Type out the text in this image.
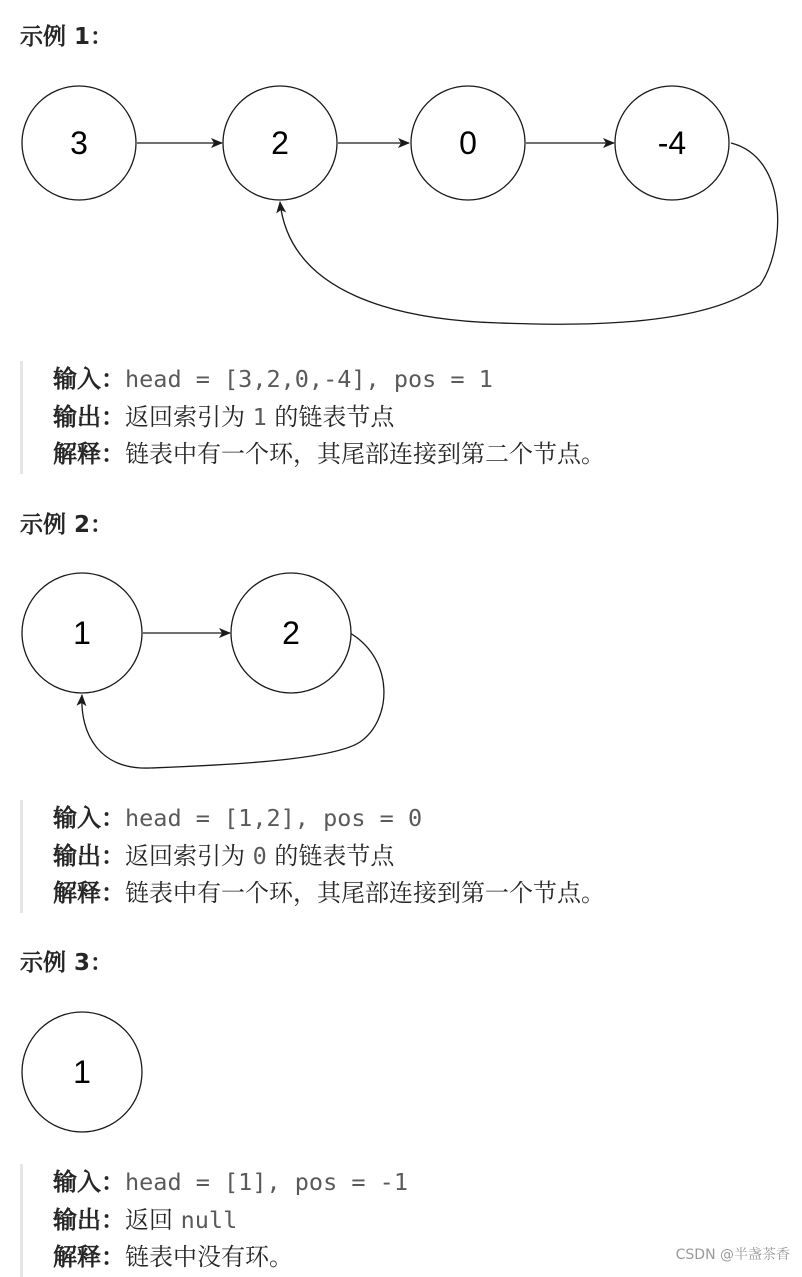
示例 1：
3	2	0	-4
输入：head = [3,2,0,-4], pos = 1
输出：返回索引为 1 的链表节点
解释：链表中有一个环，其尾部连接到第二个节点。
示例 2：
1	2
输入：head = [1,2], pos = 0
输出：返回索引为 0 的链表节点
解释：链表中有一个环，其尾部连接到第一个节点。
示例 3：
1
输入：head = [1], pos = -1
输出：返回 null
解释：链表中没有环。	CSDN @半盏茶香
